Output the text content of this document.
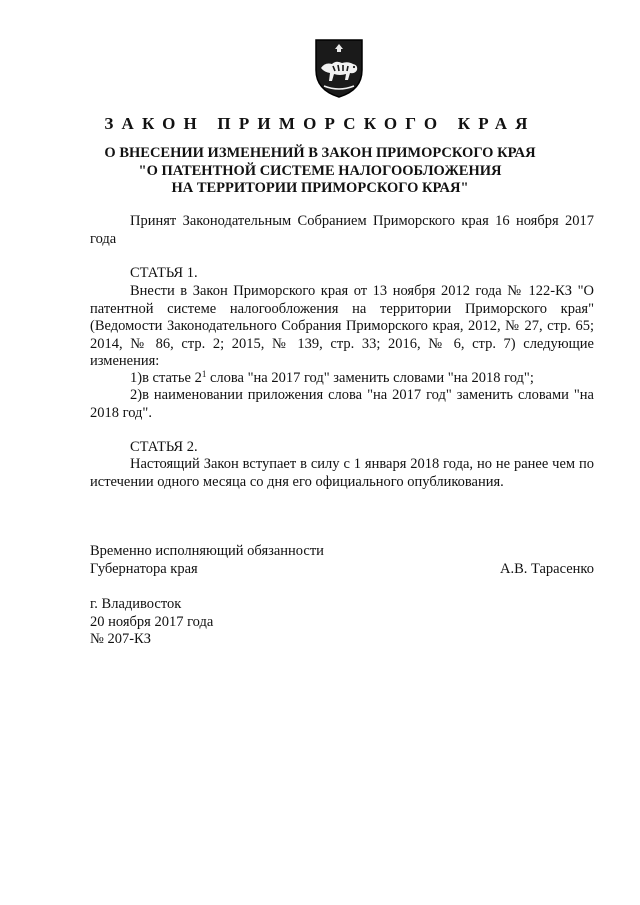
ЗАКОН ПРИМОРСКОГО КРАЯ
О ВНЕСЕНИИ ИЗМЕНЕНИЙ В ЗАКОН ПРИМОРСКОГО КРАЯ
"О ПАТЕНТНОЙ СИСТЕМЕ НАЛОГООБЛОЖЕНИЯ
НА ТЕРРИТОРИИ ПРИМОРСКОГО КРАЯ"
Принят Законодательным Собранием Приморского края 16 ноября 2017 года
СТАТЬЯ 1.
Внести в Закон Приморского края от 13 ноября 2012 года № 122-КЗ "О патентной системе налогообложения на территории Приморского края" (Ведомости Законодательного Собрания Приморского края, 2012, № 27, стр. 65; 2014, № 86, стр. 2; 2015, № 139, стр. 33; 2016, № 6, стр. 7) следующие изменения:
1)в статье $2^1$ слова "на 2017 год" заменить словами "на 2018 год";
2)в наименовании приложения слова "на 2017 год" заменить словами "на 2018 год".
СТАТЬЯ 2.
Настоящий Закон вступает в силу с 1 января 2018 года, но не ранее чем по истечении одного месяца со дня его официального опубликования.
Временно исполняющий обязанности
Губернатора края	А.В. Тарасенко
г. Владивосток
20 ноября 2017 года
№ 207-КЗ
